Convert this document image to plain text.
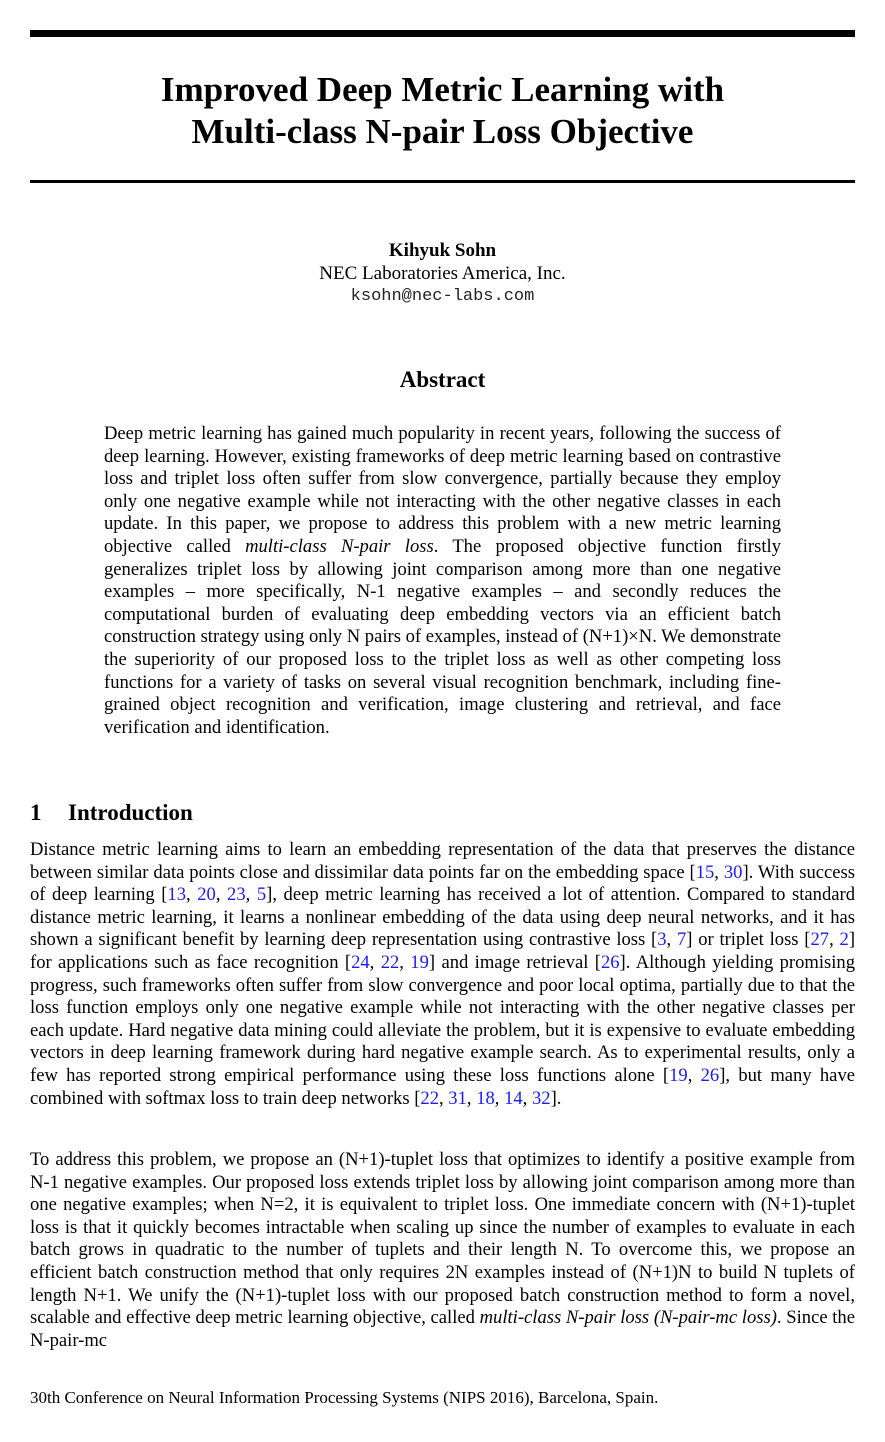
Improved Deep Metric Learning with
Multi-class N-pair Loss Objective
Kihyuk Sohn
NEC Laboratories America, Inc.
ksohn@nec-labs.com
Abstract
Deep metric learning has gained much popularity in recent years, following the success of deep learning. However, existing frameworks of deep metric learning based on contrastive loss and triplet loss often suffer from slow convergence, partially because they employ only one negative example while not interacting with the other negative classes in each update. In this paper, we propose to address this problem with a new metric learning objective called multi-class N-pair loss. The proposed objective function firstly generalizes triplet loss by allowing joint comparison among more than one negative examples – more specifically, N-1 negative examples – and secondly reduces the computational burden of evaluating deep embedding vectors via an efficient batch construction strategy using only N pairs of examples, instead of (N+1)×N. We demonstrate the superiority of our proposed loss to the triplet loss as well as other competing loss functions for a variety of tasks on several visual recognition benchmark, including fine-grained object recognition and verification, image clustering and retrieval, and face verification and identification.
1 Introduction
Distance metric learning aims to learn an embedding representation of the data that preserves the distance between similar data points close and dissimilar data points far on the embedding space [15, 30]. With success of deep learning [13, 20, 23, 5], deep metric learning has received a lot of attention. Compared to standard distance metric learning, it learns a nonlinear embedding of the data using deep neural networks, and it has shown a significant benefit by learning deep representation using contrastive loss [3, 7] or triplet loss [27, 2] for applications such as face recognition [24, 22, 19] and image retrieval [26]. Although yielding promising progress, such frameworks often suffer from slow convergence and poor local optima, partially due to that the loss function employs only one negative example while not interacting with the other negative classes per each update. Hard negative data mining could alleviate the problem, but it is expensive to evaluate embedding vectors in deep learning framework during hard negative example search. As to experimental results, only a few has reported strong empirical performance using these loss functions alone [19, 26], but many have combined with softmax loss to train deep networks [22, 31, 18, 14, 32].
To address this problem, we propose an (N+1)-tuplet loss that optimizes to identify a positive example from N-1 negative examples. Our proposed loss extends triplet loss by allowing joint comparison among more than one negative examples; when N=2, it is equivalent to triplet loss. One immediate concern with (N+1)-tuplet loss is that it quickly becomes intractable when scaling up since the number of examples to evaluate in each batch grows in quadratic to the number of tuplets and their length N. To overcome this, we propose an efficient batch construction method that only requires 2N examples instead of (N+1)N to build N tuplets of length N+1. We unify the (N+1)-tuplet loss with our proposed batch construction method to form a novel, scalable and effective deep metric learning objective, called multi-class N-pair loss (N-pair-mc loss). Since the N-pair-mc
30th Conference on Neural Information Processing Systems (NIPS 2016), Barcelona, Spain.
